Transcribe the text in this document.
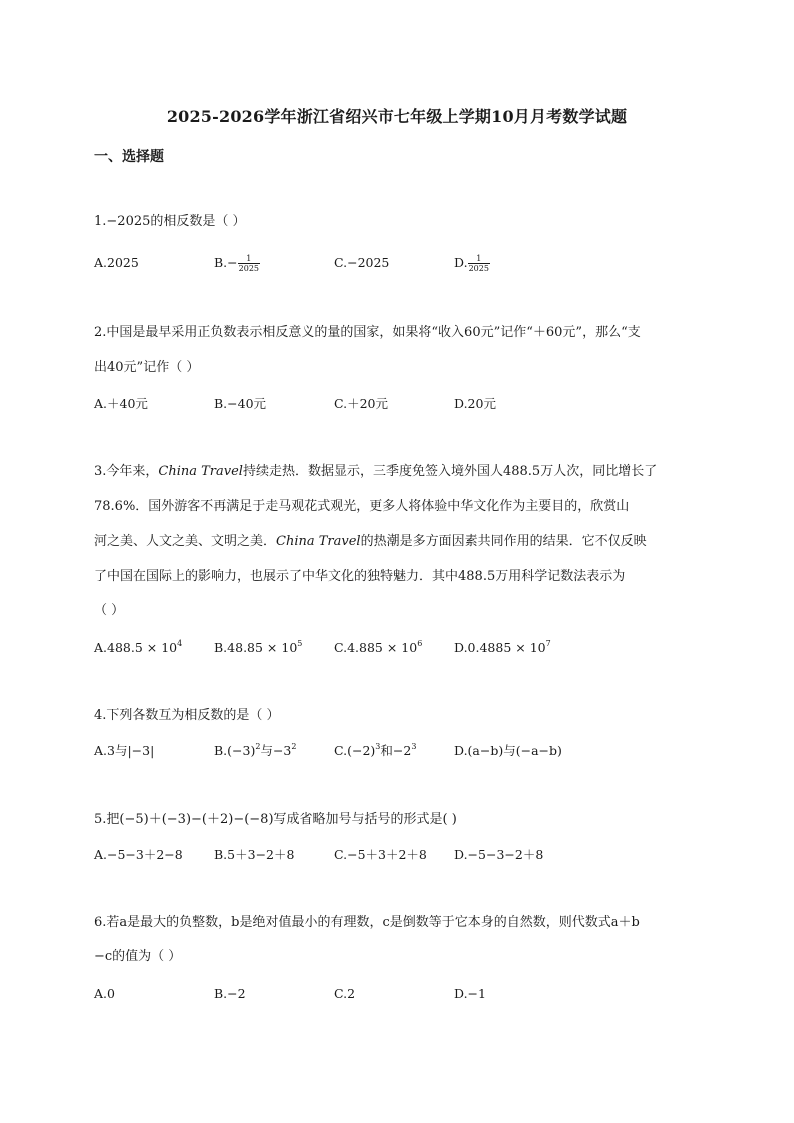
2025-2026学年浙江省绍兴市七年级上学期10月月考数学试题
一、选择题
1.−2025的相反数是（ ）
A.2025	$B.- \frac{1}{2025}$	C.−2025	D. $\frac{1}{2025}$
2.中国是最早采用正负数表示相反意义的量的国家，如果将“收入60元”记作“＋60元”，那么“支
出40元”记作（ ）
A.＋40元	B.−40元	C.＋20元	D.20元
3.今年来，China Travel持续走热．数据显示，三季度免签入境外国人488.5万人次，同比增长了
78.6%．国外游客不再满足于走马观花式观光，更多人将体验中华文化作为主要目的，欣赏山
河之美、人文之美、文明之美．China Travel的热潮是多方面因素共同作用的结果．它不仅反映
了中国在国际上的影响力，也展示了中华文化的独特魅力．其中488.5万用科学记数法表示为
（ ）
$A.488.5 \times 10^4$	$B.48.85 \times 10^5$	$C.4.885 \times 10^6$	$D.0.4885 \times 10^7$
4.下列各数互为相反数的是（ ）
A.3与|−3|	$B.(-3)^2$与$-3^2$	$C.(-2)^3$和$-2^3$	D.(a−b)与(−a−b)
5.把(−5)＋(−3)−(＋2)−(−8)写成省略加号与括号的形式是( )
A.−5−3＋2−8	B.5＋3−2＋8	C.−5＋3＋2＋8 D.−5−3−2＋8
6.若a是最大的负整数，b是绝对值最小的有理数，c是倒数等于它本身的自然数，则代数式a＋b
−c的值为（ ）
A.0	B.−2	C.2	D.−1
